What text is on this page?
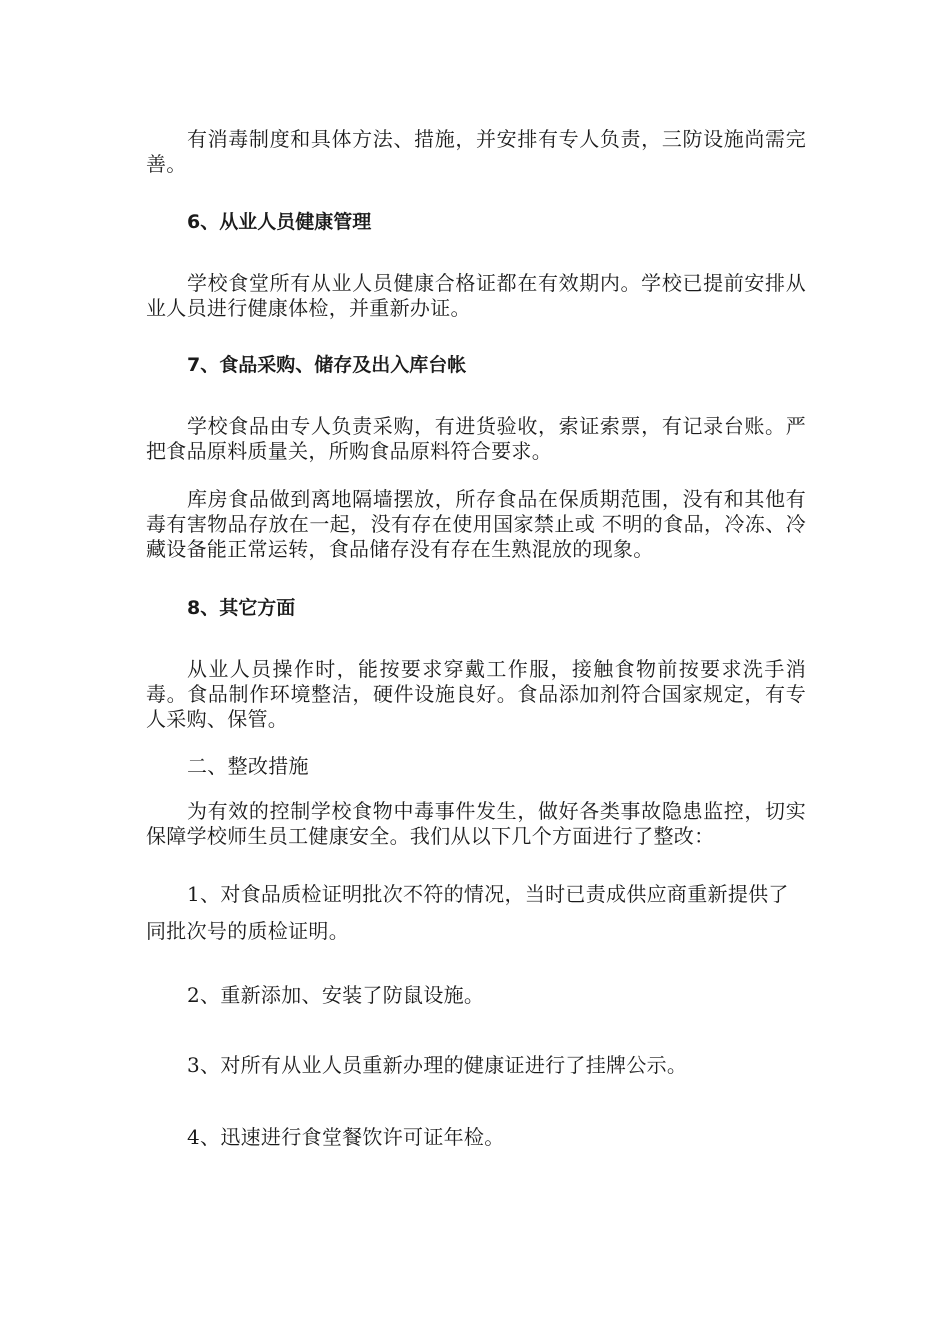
有消毒制度和具体方法、措施，并安排有专人负责，三防设施尚需完善。

6、从业人员健康管理

学校食堂所有从业人员健康合格证都在有效期内。学校已提前安排从业人员进行健康体检，并重新办证。

7、食品采购、储存及出入库台帐

学校食品由专人负责采购，有进货验收，索证索票，有记录台账。严把食品原料质量关，所购食品原料符合要求。

库房食品做到离地隔墙摆放，所存食品在保质期范围，没有和其他有毒有害物品存放在一起，没有存在使用国家禁止或 不明的食品，冷冻、冷藏设备能正常运转，食品储存没有存在生熟混放的现象。

8、其它方面

从业人员操作时，能按要求穿戴工作服，接触食物前按要求洗手消毒。食品制作环境整洁，硬件设施良好。食品添加剂符合国家规定，有专人采购、保管。

二、整改措施

为有效的控制学校食物中毒事件发生，做好各类事故隐患监控，切实保障学校师生员工健康安全。我们从以下几个方面进行了整改：

1、对食品质检证明批次不符的情况，当时已责成供应商重新提供了同批次号的质检证明。

2、重新添加、安装了防鼠设施。

3、对所有从业人员重新办理的健康证进行了挂牌公示。

4、迅速进行食堂餐饮许可证年检。
